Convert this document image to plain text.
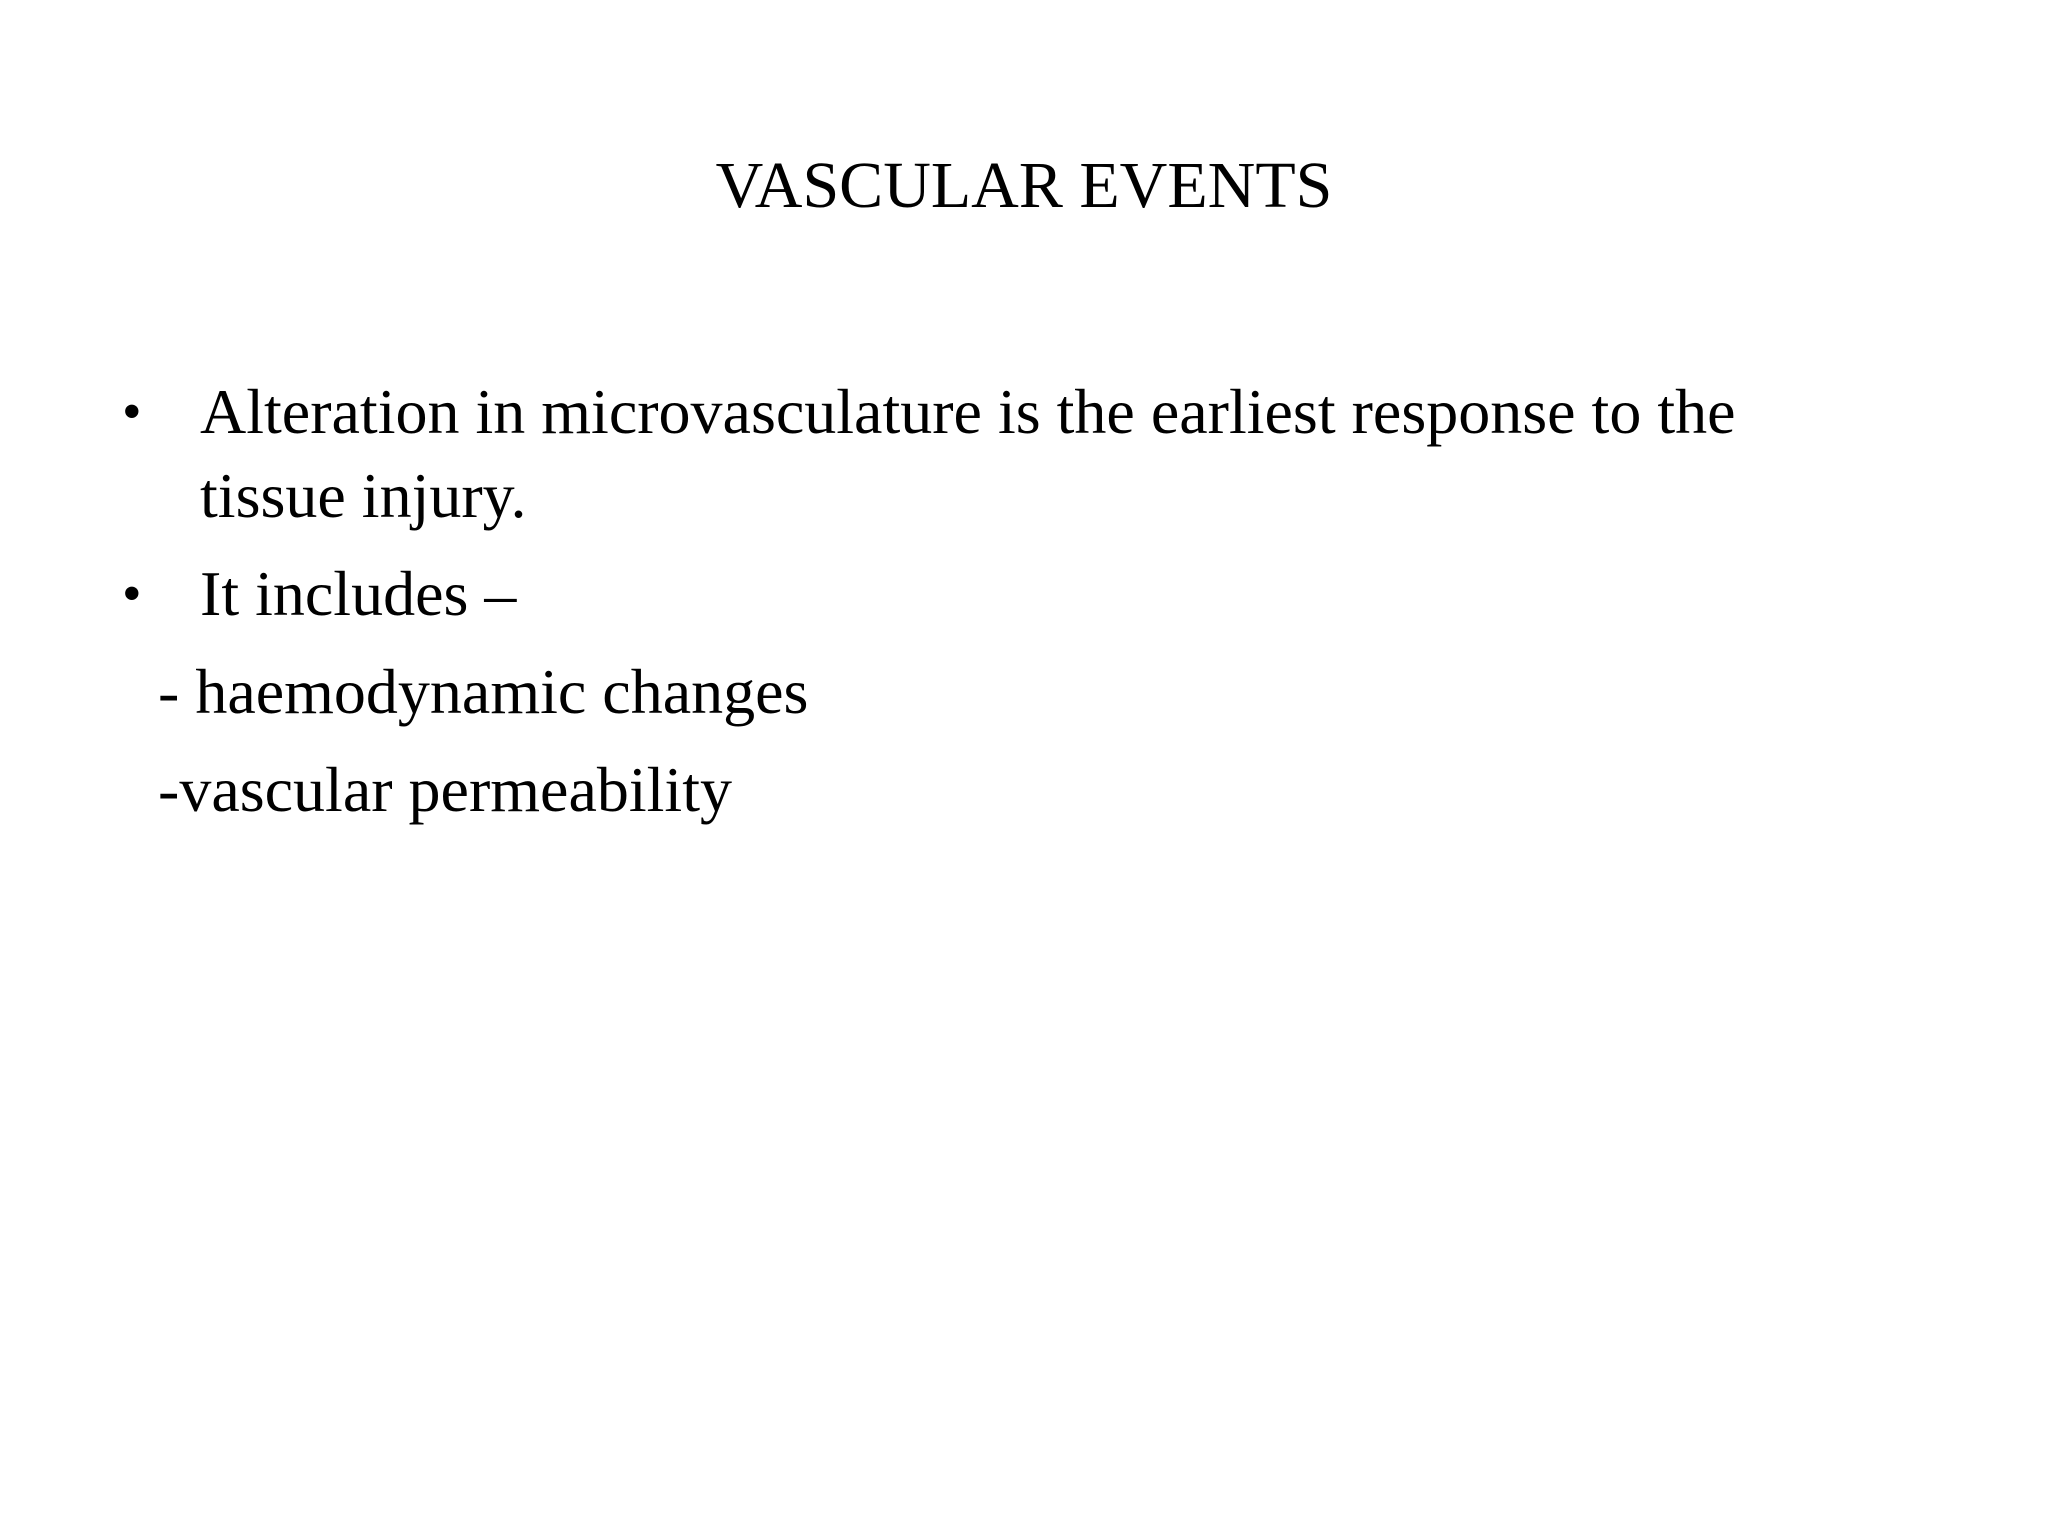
VASCULAR EVENTS
• Alteration in microvasculature is the earliest response to the tissue injury.
• It includes –
- haemodynamic changes
-vascular permeability
